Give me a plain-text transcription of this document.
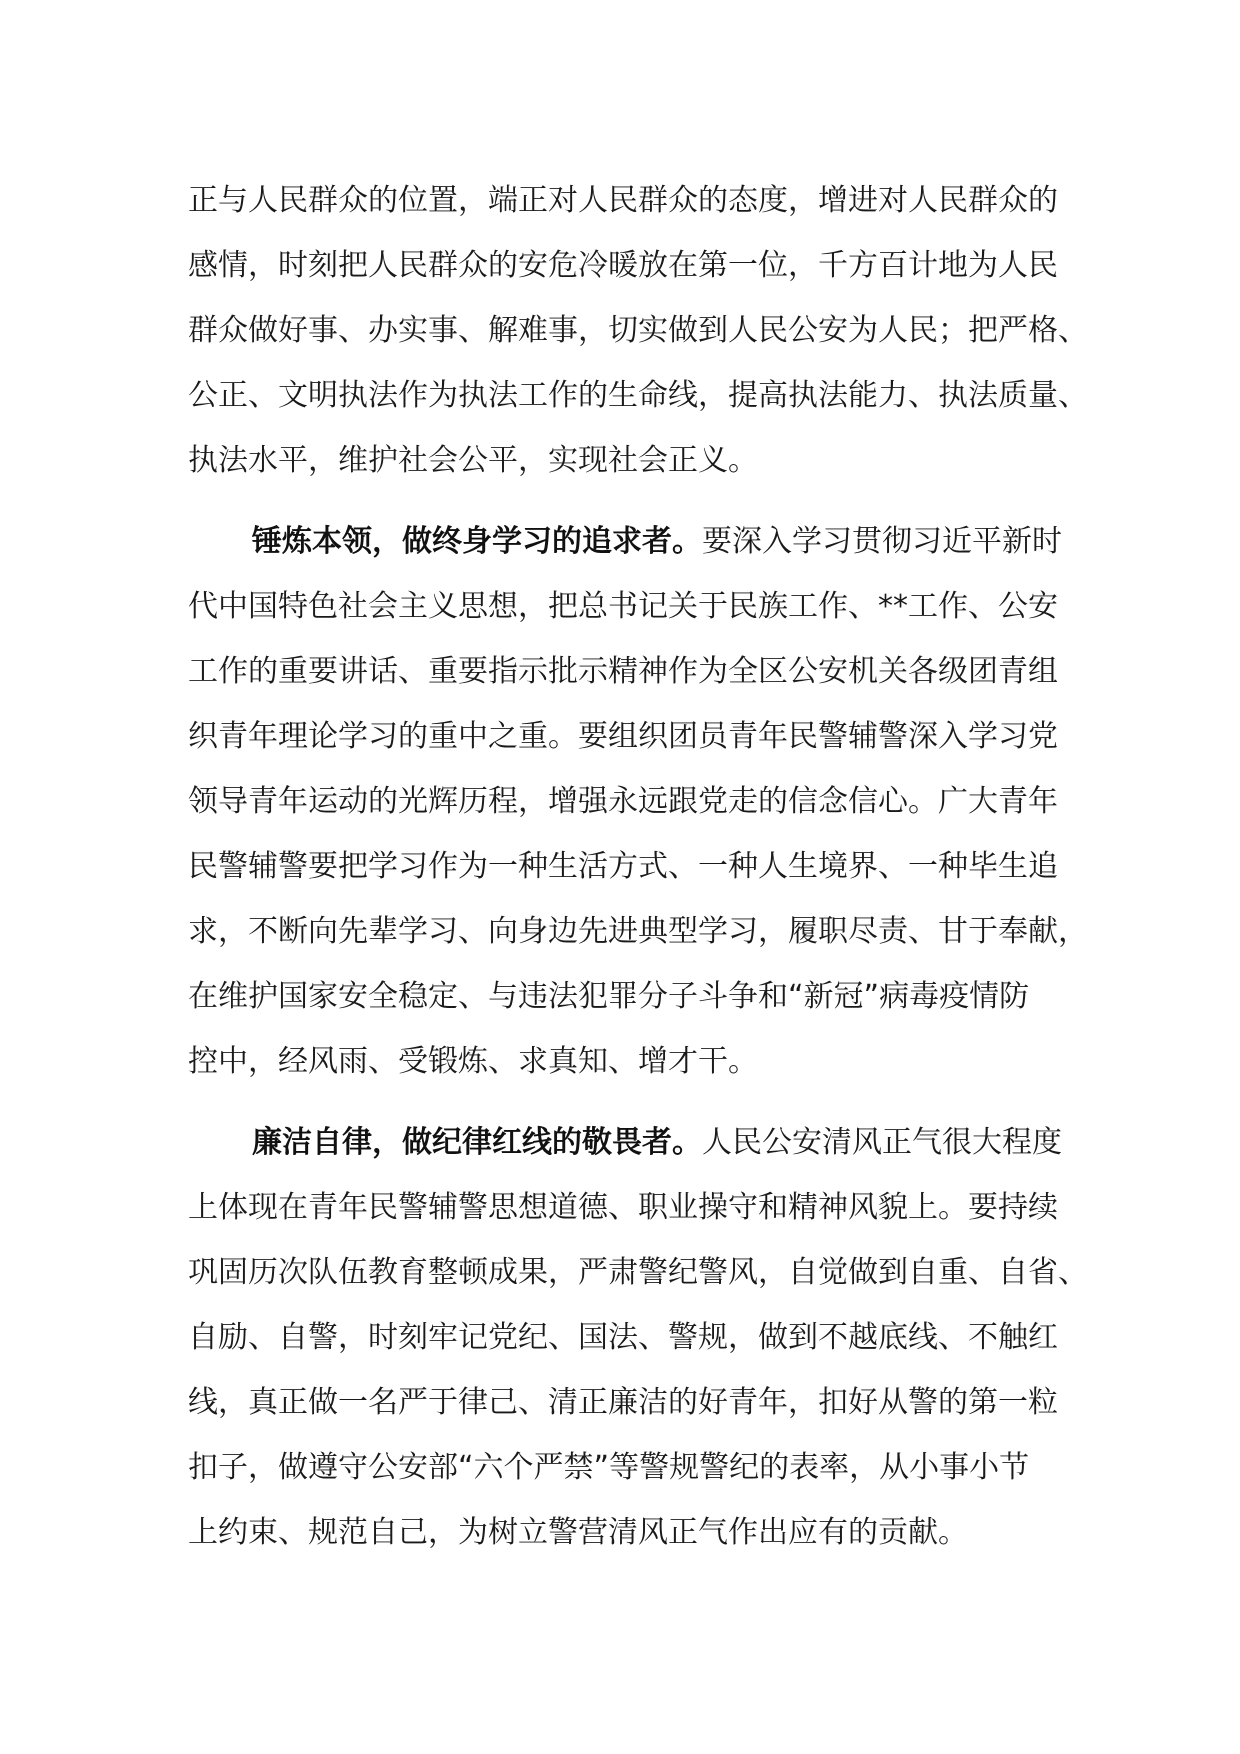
正与人民群众的位置，端正对人民群众的态度，增进对人民群众的
感情，时刻把人民群众的安危冷暖放在第一位，千方百计地为人民
群众做好事、办实事、解难事，切实做到人民公安为人民；把严格、
公正、文明执法作为执法工作的生命线，提高执法能力、执法质量、
执法水平，维护社会公平，实现社会正义。
锤炼本领，做终身学习的追求者。要深入学习贯彻习近平新时
代中国特色社会主义思想，把总书记关于民族工作、**工作、公安
工作的重要讲话、重要指示批示精神作为全区公安机关各级团青组
织青年理论学习的重中之重。要组织团员青年民警辅警深入学习党
领导青年运动的光辉历程，增强永远跟党走的信念信心。广大青年
民警辅警要把学习作为一种生活方式、一种人生境界、一种毕生追
求，不断向先辈学习、向身边先进典型学习，履职尽责、甘于奉献，
在维护国家安全稳定、与违法犯罪分子斗争和“新冠”病毒疫情防
控中，经风雨、受锻炼、求真知、增才干。
廉洁自律，做纪律红线的敬畏者。人民公安清风正气很大程度
上体现在青年民警辅警思想道德、职业操守和精神风貌上。要持续
巩固历次队伍教育整顿成果，严肃警纪警风，自觉做到自重、自省、
自励、自警，时刻牢记党纪、国法、警规，做到不越底线、不触红
线，真正做一名严于律己、清正廉洁的好青年，扣好从警的第一粒
扣子，做遵守公安部“六个严禁”等警规警纪的表率，从小事小节
上约束、规范自己，为树立警营清风正气作出应有的贡献。
